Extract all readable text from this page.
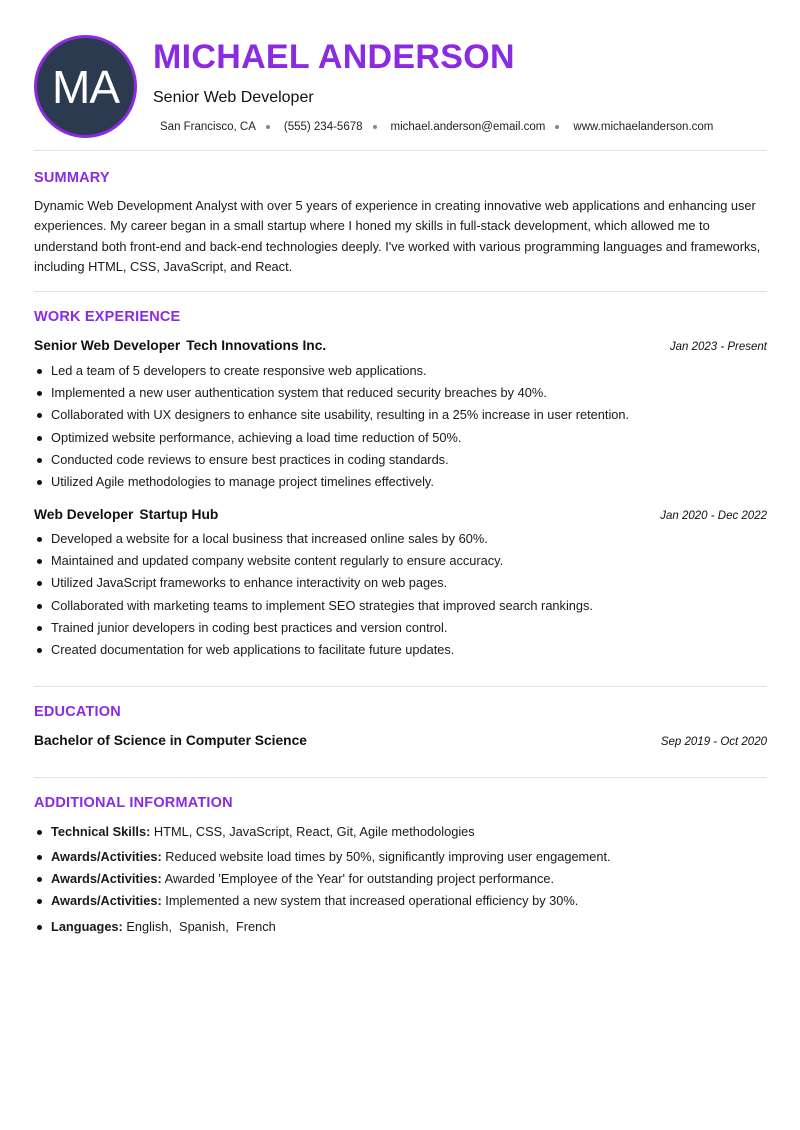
MA
MICHAEL ANDERSON
Senior Web Developer
San Francisco, CA (555) 234-5678 michael.anderson@email.com www.michaelanderson.com
SUMMARY
Dynamic Web Development Analyst with over 5 years of experience in creating innovative web applications and enhancing user experiences. My career began in a small startup where I honed my skills in full-stack development, which allowed me to understand both front-end and back-end technologies deeply. I've worked with various programming languages and frameworks, including HTML, CSS, JavaScript, and React.
WORK EXPERIENCE
Senior Web Developer Tech Innovations Inc.	Jan 2023 - Present
Led a team of 5 developers to create responsive web applications.
Implemented a new user authentication system that reduced security breaches by 40%.
Collaborated with UX designers to enhance site usability, resulting in a 25% increase in user retention.
Optimized website performance, achieving a load time reduction of 50%.
Conducted code reviews to ensure best practices in coding standards.
Utilized Agile methodologies to manage project timelines effectively.
Web Developer Startup Hub	Jan 2020 - Dec 2022
Developed a website for a local business that increased online sales by 60%.
Maintained and updated company website content regularly to ensure accuracy.
Utilized JavaScript frameworks to enhance interactivity on web pages.
Collaborated with marketing teams to implement SEO strategies that improved search rankings.
Trained junior developers in coding best practices and version control.
Created documentation for web applications to facilitate future updates.
EDUCATION
Bachelor of Science in Computer Science	Sep 2019 - Oct 2020
ADDITIONAL INFORMATION
Technical Skills: HTML, CSS, JavaScript, React, Git, Agile methodologies
Awards/Activities: Reduced website load times by 50%, significantly improving user engagement.
Awards/Activities: Awarded 'Employee of the Year' for outstanding project performance.
Awards/Activities: Implemented a new system that increased operational efficiency by 30%.
Languages: English,  Spanish,  French
